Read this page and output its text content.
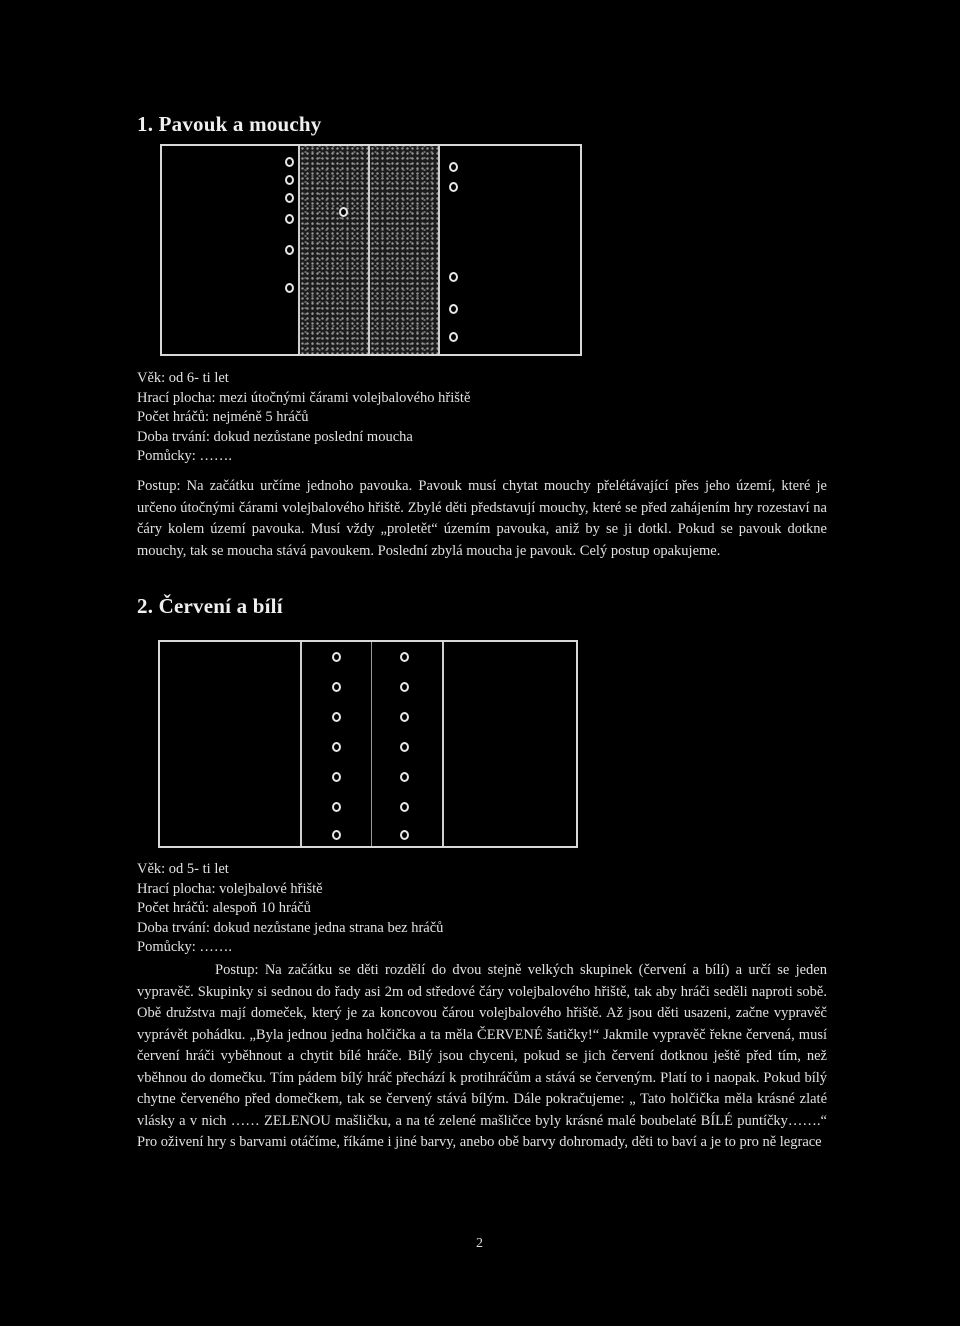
1. Pavouk a mouchy
Věk: od 6- ti let
Hrací plocha: mezi útočnými čárami volejbalového hřiště
Počet hráčů: nejméně 5 hráčů
Doba trvání: dokud nezůstane poslední moucha
Pomůcky: …….

Postup: Na začátku určíme jednoho pavouka. Pavouk musí chytat mouchy přelétávající přes jeho území, které je určeno útočnými čárami volejbalového hřiště. Zbylé děti představují mouchy, které se před zahájením hry rozestaví na čáry kolem území pavouka. Musí vždy „proletět“ územím pavouka, aniž by se ji dotkl. Pokud se pavouk dotkne mouchy, tak se moucha stává pavoukem. Poslední zbylá moucha je pavouk. Celý postup opakujeme.

2. Červení a bílí
Věk: od 5- ti let
Hrací plocha: volejbalové hřiště
Počet hráčů: alespoň 10 hráčů
Doba trvání: dokud nezůstane jedna strana bez hráčů
Pomůcky: …….

Postup: Na začátku se děti rozdělí do dvou stejně velkých skupinek (červení a bílí) a určí se jeden vypravěč. Skupinky si sednou do řady asi 2m od středové čáry volejbalového hřiště, tak aby hráči seděli naproti sobě. Obě družstva mají domeček, který je za koncovou čárou volejbalového hřiště. Až jsou děti usazeni, začne vypravěč vyprávět pohádku. „Byla jednou jedna holčička a ta měla ČERVENÉ šatičky!“ Jakmile vypravěč řekne červená, musí červení hráči vyběhnout a chytit bílé hráče. Bílý jsou chyceni, pokud se jich červení dotknou ještě před tím, než vběhnou do domečku. Tím pádem bílý hráč přechází k protihráčům a stává se červeným. Platí to i naopak. Pokud bílý chytne červeného před domečkem, tak se červený stává bílým. Dále pokračujeme: „ Tato holčička měla krásné zlaté vlásky a v nich …… ZELENOU mašličku, a na té zelené mašličce byly krásné malé boubelaté BÍLÉ puntíčky…….“ Pro oživení hry s barvami otáčíme, říkáme i jiné barvy, anebo obě barvy dohromady, děti to baví a je to pro ně legrace

2
